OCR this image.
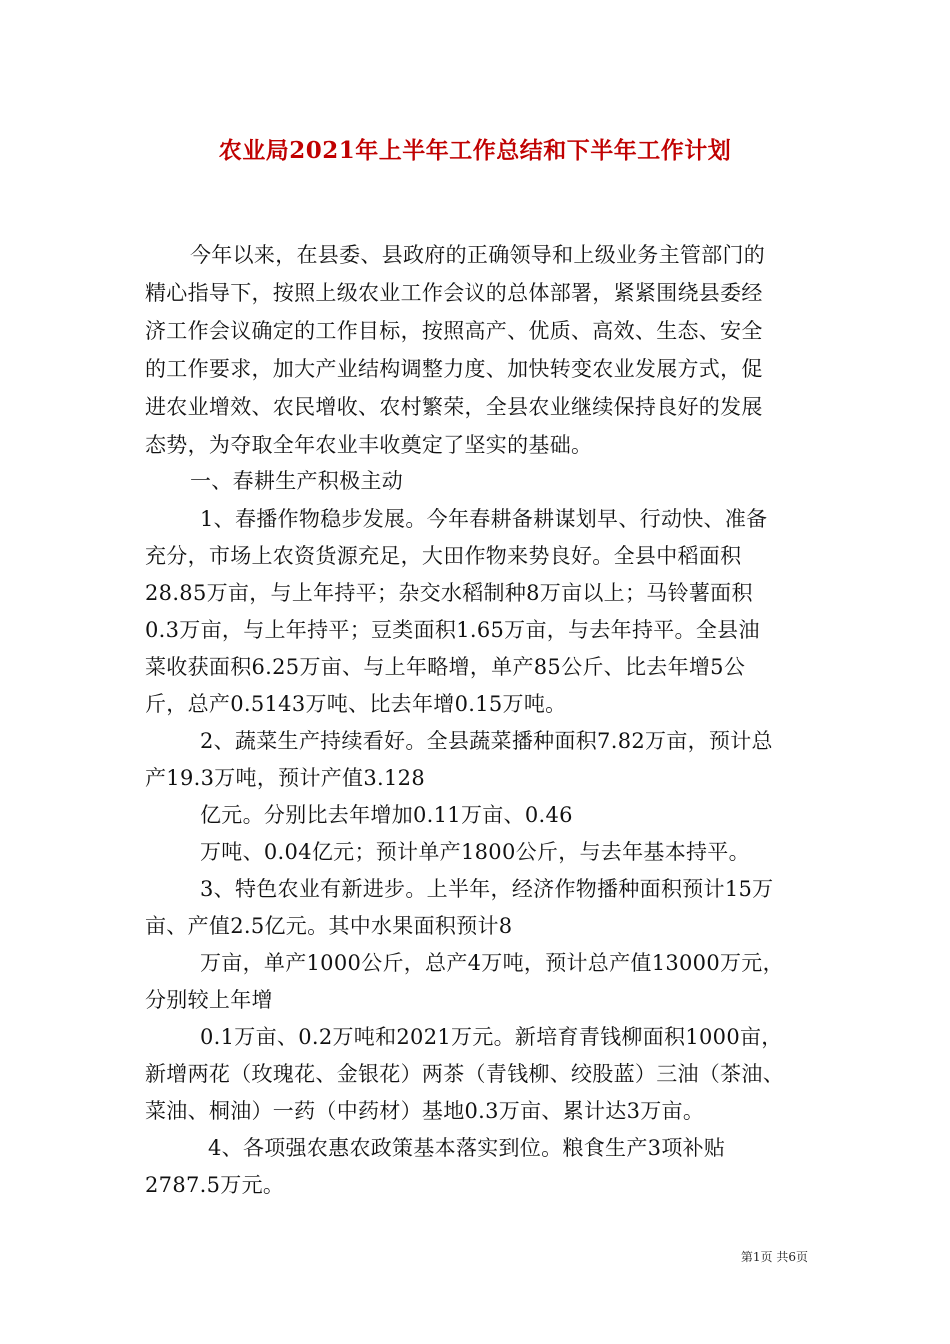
农业局2021年上半年工作总结和下半年工作计划
今年以来，在县委、县政府的正确领导和上级业务主管部门的
精心指导下，按照上级农业工作会议的总体部署，紧紧围绕县委经
济工作会议确定的工作目标，按照高产、优质、高效、生态、安全
的工作要求，加大产业结构调整力度、加快转变农业发展方式，促
进农业增效、农民增收、农村繁荣，全县农业继续保持良好的发展
态势，为夺取全年农业丰收奠定了坚实的基础。
一、春耕生产积极主动
1、春播作物稳步发展。今年春耕备耕谋划早、行动快、准备
充分，市场上农资货源充足，大田作物来势良好。全县中稻面积
28.85万亩，与上年持平；杂交水稻制种8万亩以上；马铃薯面积
0.3万亩，与上年持平；豆类面积1.65万亩，与去年持平。全县油
菜收获面积6.25万亩、与上年略增，单产85公斤、比去年增5公
斤，总产0.5143万吨、比去年增0.15万吨。
2、蔬菜生产持续看好。全县蔬菜播种面积7.82万亩，预计总
产19.3万吨，预计产值3.128
亿元。分别比去年增加0.11万亩、0.46
万吨、0.04亿元；预计单产1800公斤，与去年基本持平。
3、特色农业有新进步。上半年，经济作物播种面积预计15万
亩、产值2.5亿元。其中水果面积预计8
万亩，单产1000公斤，总产4万吨，预计总产值13000万元，
分别较上年增
0.1万亩、0.2万吨和2021万元。新培育青钱柳面积1000亩，
新增两花（玫瑰花、金银花）两茶（青钱柳、绞股蓝）三油（茶油、
菜油、桐油）一药（中药材）基地0.3万亩、累计达3万亩。
4、各项强农惠农政策基本落实到位。粮食生产3项补贴
2787.5万元。
第1页 共6页
